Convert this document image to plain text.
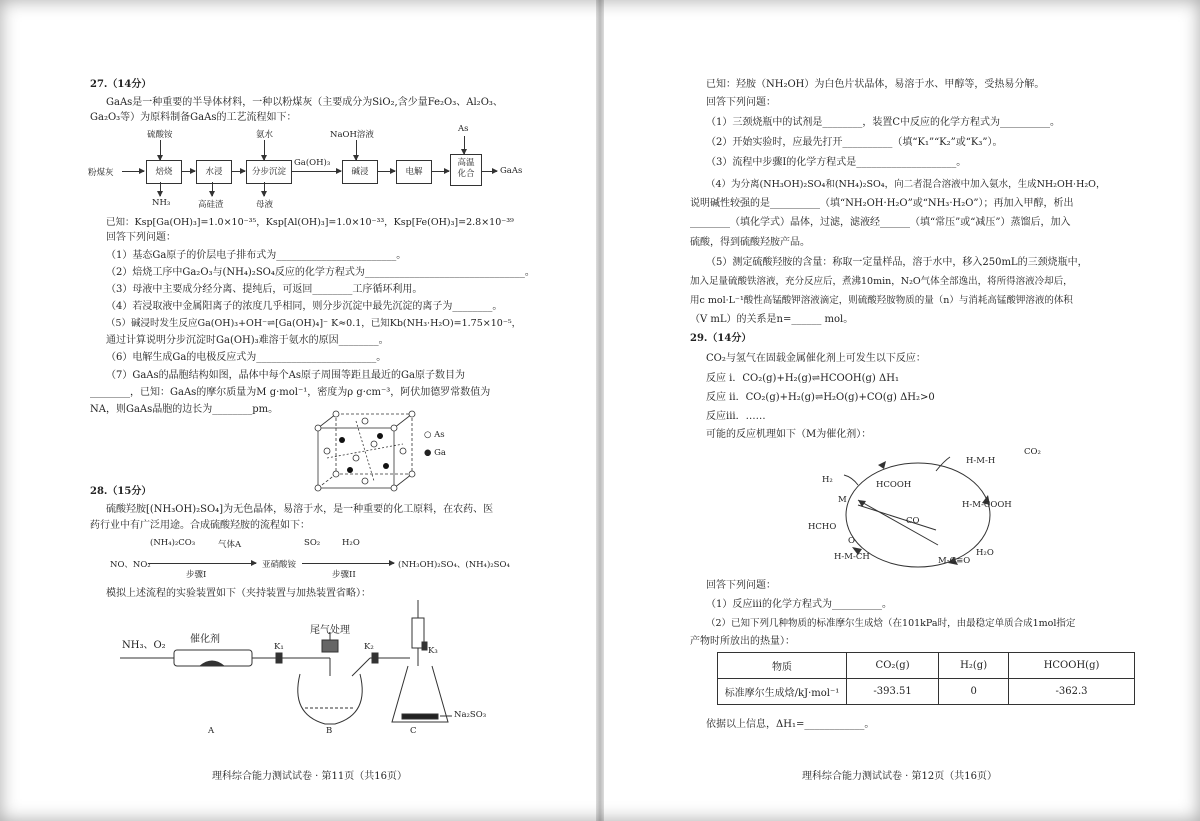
27.（14分）
GaAs是一种重要的半导体材料，一种以粉煤灰（主要成分为SiO₂,含少量Fe₂O₃、Al₂O₃、
Ga₂O₃等）为原料制备GaAs的工艺流程如下：
粉煤灰
硫酸铵
焙烧
NH₃
水浸
高硅渣
氨水
分步沉淀
母液
Ga(OH)₃
NaOH溶液
碱浸	电解
As
高温
化合	GaAs
已知：Ksp[Ga(OH)₃]=1.0×10⁻³⁵，Ksp[Al(OH)₃]=1.0×10⁻³³，Ksp[Fe(OH)₃]=2.8×10⁻³⁹
回答下列问题：
（1）基态Ga原子的价层电子排布式为________________________。
（2）焙烧工序中Ga₂O₃与(NH₄)₂SO₄反应的化学方程式为________________________________。
（3）母液中主要成分经分离、提纯后，可返回________工序循环利用。
（4）若浸取液中金属阳离子的浓度几乎相同，则分步沉淀中最先沉淀的离子为________。
（5）碱浸时发生反应Ga(OH)₃+OH⁻⇌[Ga(OH)₄]⁻ K≈0.1，已知Kb(NH₃·H₂O)=1.75×10⁻⁵，
通过计算说明分步沉淀时Ga(OH)₃难溶于氨水的原因________。
（6）电解生成Ga的电极反应式为________________________。
（7）GaAs的晶胞结构如图，晶体中每个As原子周围等距且最近的Ga原子数目为
________，已知：GaAs的摩尔质量为M g·mol⁻¹，密度为ρ g·cm⁻³，阿伏加德罗常数值为
NA，则GaAs晶胞的边长为________pm。
○ As
● Ga
28.（15分）
硫酸羟胺[(NH₃OH)₂SO₄]为无色晶体，易溶于水，是一种重要的化工原料，在农药、医
药行业中有广泛用途。合成硫酸羟胺的流程如下：
NO、NO₂
(NH₄)₂CO₃	气体A
步骤I
亚硝酸铵
SO₂	H₂O
步骤II
(NH₃OH)₂SO₄、(NH₄)₂SO₄
模拟上述流程的实验装置如下（夹持装置与加热装置省略）：
NH₃、O₂
催化剂
尾气处理
K₁	K₂	K₃
Na₂SO₃
A	B	C
理科综合能力测试试卷 · 第11页（共16页）
已知：羟胺（NH₂OH）为白色片状晶体，易溶于水、甲醇等，受热易分解。
回答下列问题：
（1）三颈烧瓶中的试剂是________，装置C中反应的化学方程式为__________。
（2）开始实验时，应最先打开__________（填“K₁”“K₂”或“K₃”）。
（3）流程中步骤I的化学方程式是____________________。
（4）为分离(NH₃OH)₂SO₄和(NH₄)₂SO₄，向二者混合溶液中加入氨水，生成NH₂OH·H₂O，
说明碱性较强的是__________（填“NH₂OH·H₂O”或“NH₃·H₂O”）；再加入甲醇，析出
________（填化学式）晶体，过滤，滤液经______（填“常压”或“减压”）蒸馏后，加入
硫酸，得到硫酸羟胺产品。
（5）测定硫酸羟胺的含量：称取一定量样品，溶于水中，移入250mL的三颈烧瓶中，
加入足量硫酸铁溶液，充分反应后，煮沸10min，N₂O气体全部逸出，将所得溶液冷却后，
用c mol·L⁻¹酸性高锰酸钾溶液滴定，则硫酸羟胺物质的量（n）与消耗高锰酸钾溶液的体积
（V mL）的关系是n=______ mol。
29.（14分）
CO₂与氢气在固载金属催化剂上可发生以下反应：
反应 i．CO₂(g)+H₂(g)⇌HCOOH(g) ΔH₁
反应 ii．CO₂(g)+H₂(g)⇌H₂O(g)+CO(g) ΔH₂>0
反应iii．……
可能的反应机理如下（M为催化剂）：
H-M-H
CO₂
H₂
M
HCOOH
H-M-COOH
HCHO
CO
O
H-M-CH	M-C≡O
H₂O
回答下列问题：
（1）反应iii的化学方程式为__________。
（2）已知下列几种物质的标准摩尔生成焓（在101kPa时，由最稳定单质合成1mol指定
产物时所放出的热量）：
物质	CO₂(g)	H₂(g)	HCOOH(g)
标准摩尔生成焓/kJ·mol⁻¹	-393.51	0	-362.3
依据以上信息，ΔH₁=____________。
理科综合能力测试试卷 · 第12页（共16页）
